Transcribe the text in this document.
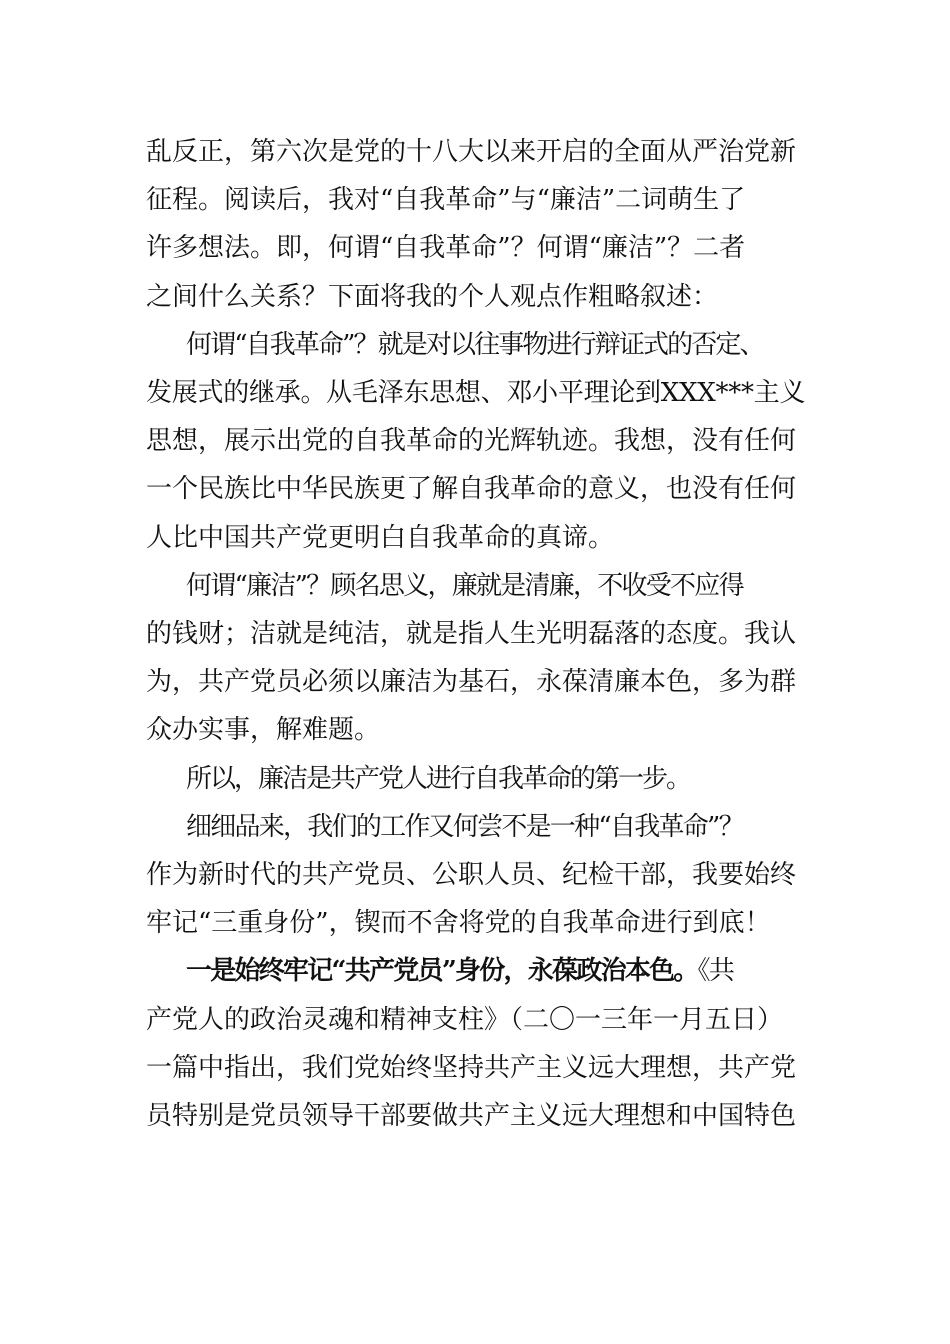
乱反正，第六次是党的十八大以来开启的全面从严治党新
征程。阅读后，我对“自我革命”与“廉洁”二词萌生了
许多想法。即，何谓“自我革命”？何谓“廉洁”？二者
之间什么关系？下面将我的个人观点作粗略叙述：

何谓“自我革命”？就是对以往事物进行辩证式的否定、
发展式的继承。从毛泽东思想、邓小平理论到XXX***主义
思想，展示出党的自我革命的光辉轨迹。我想，没有任何
一个民族比中华民族更了解自我革命的意义，也没有任何
人比中国共产党更明白自我革命的真谛。

何谓“廉洁”？顾名思义，廉就是清廉，不收受不应得
的钱财；洁就是纯洁，就是指人生光明磊落的态度。我认
为，共产党员必须以廉洁为基石，永葆清廉本色，多为群
众办实事，解难题。

所以，廉洁是共产党人进行自我革命的第一步。

细细品来，我们的工作又何尝不是一种“自我革命”？
作为新时代的共产党员、公职人员、纪检干部，我要始终
牢记“三重身份”，锲而不舍将党的自我革命进行到底！

一是始终牢记“共产党员”身份，永葆政治本色。《共
产党人的政治灵魂和精神支柱》（二〇一三年一月五日）
一篇中指出，我们党始终坚持共产主义远大理想，共产党
员特别是党员领导干部要做共产主义远大理想和中国特色
